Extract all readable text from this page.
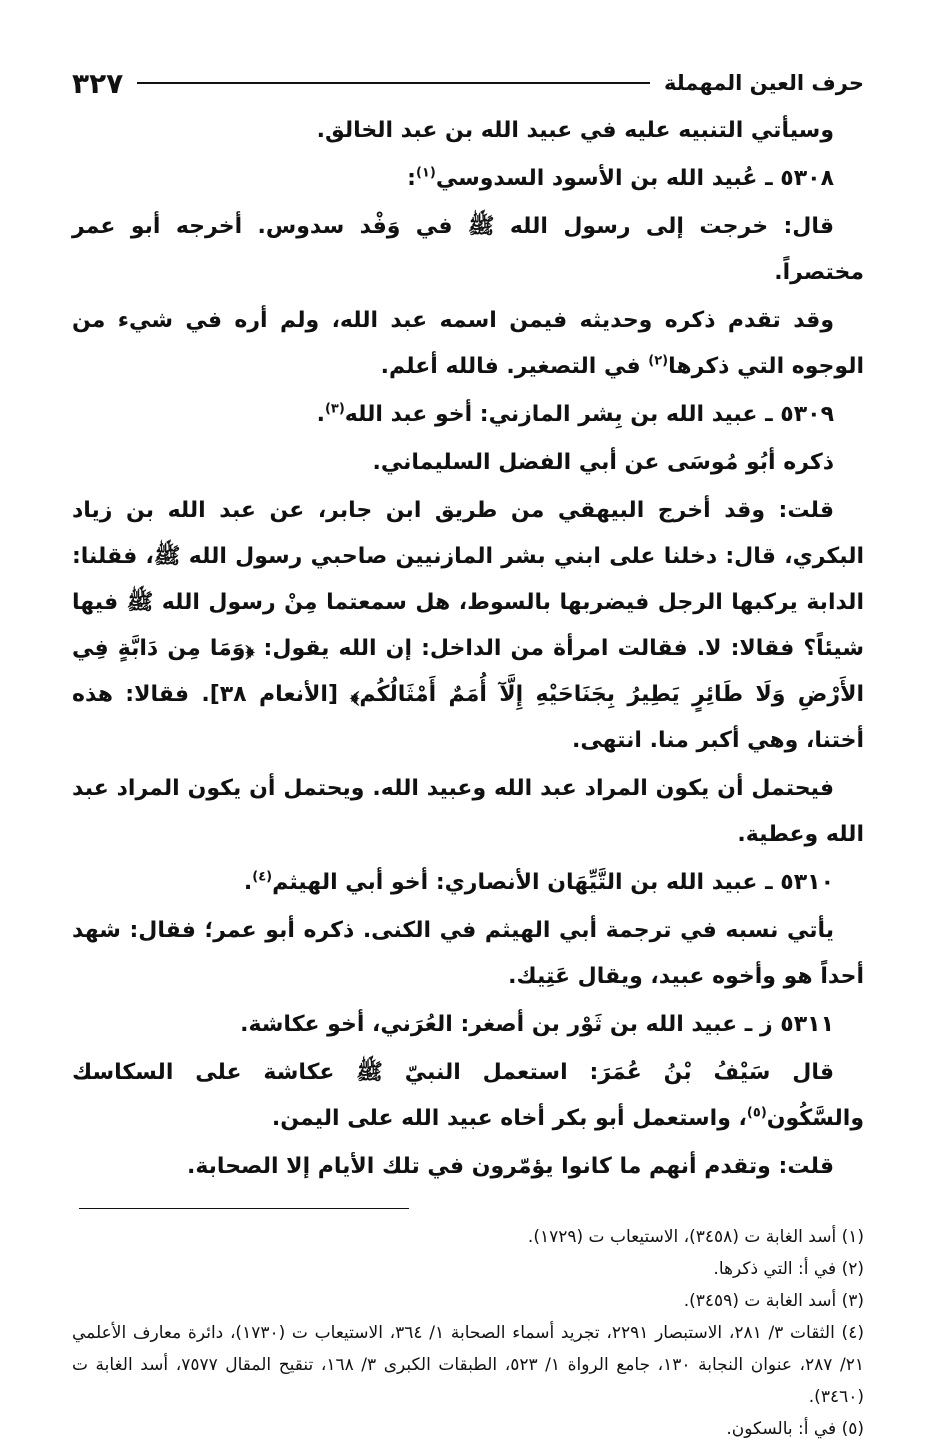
حرف العين المهملة
٣٢٧

وسيأتي التنبيه عليه في عبيد الله بن عبد الخالق.

٥٣٠٨ ـ عُبيد الله بن الأسود السدوسي$^{(١)}$:

قال: خرجت إلى رسول الله ﷺ في وَفْد سدوس. أخرجه أبو عمر مختصراً.

وقد تقدم ذكره وحديثه فيمن اسمه عبد الله، ولم أره في شيء من الوجوه التي ذكرها$^{(٢)}$ في التصغير. فالله أعلم.

٥٣٠٩ ـ عبيد الله بن بِشر المازني: أخو عبد الله$^{(٣)}$.

ذكره أبُو مُوسَى عن أبي الفضل السليماني.

قلت: وقد أخرج البيهقي من طريق ابن جابر، عن عبد الله بن زياد البكري، قال: دخلنا على ابني بشر المازنيين صاحبي رسول الله ﷺ، فقلنا: الدابة يركبها الرجل فيضربها بالسوط، هل سمعتما مِنْ رسول الله ﷺ فيها شيئاً؟ فقالا: لا. فقالت امرأة من الداخل: إن الله يقول: ﴿وَمَا مِن دَابَّةٍ فِي الأَرْضِ وَلَا طَائِرٍ يَطِيرُ بِجَنَاحَيْهِ إِلَّآ أُمَمٌ أَمْثَالُكُم﴾ [الأنعام ٣٨]. فقالا: هذه أختنا، وهي أكبر منا. انتهى.

فيحتمل أن يكون المراد عبد الله وعبيد الله. ويحتمل أن يكون المراد عبد الله وعطية.

٥٣١٠ ـ عبيد الله بن التَّيِّهَان الأنصاري: أخو أبي الهيثم$^{(٤)}$.

يأتي نسبه في ترجمة أبي الهيثم في الكنى. ذكره أبو عمر؛ فقال: شهد أحداً هو وأخوه عبيد، ويقال عَتِيك.

٥٣١١ ز ـ عبيد الله بن ثَوْر بن أصغر: العُرَني، أخو عكاشة.

قال سَيْفُ بْنُ عُمَرَ: استعمل النبيّ ﷺ عكاشة على السكاسك والسَّكُون$^{(٥)}$، واستعمل أبو بكر أخاه عبيد الله على اليمن.

قلت: وتقدم أنهم ما كانوا يؤمّرون في تلك الأيام إلا الصحابة.

(١) أسد الغابة ت (٣٤٥٨)، الاستيعاب ت (١٧٢٩).

(٢) في أ: التي ذكرها.

(٣) أسد الغابة ت (٣٤٥٩).

(٤) الثقات ٣/ ٢٨١، الاستبصار ٢٢٩١، تجريد أسماء الصحابة ١/ ٣٦٤، الاستيعاب ت (١٧٣٠)، دائرة معارف الأعلمي ٢١/ ٢٨٧، عنوان النجابة ١٣٠، جامع الرواة ١/ ٥٢٣، الطبقات الكبرى ٣/ ١٦٨، تنقيح المقال ٧٥٧٧، أسد الغابة ت (٣٤٦٠).

(٥) في أ: بالسكون.
